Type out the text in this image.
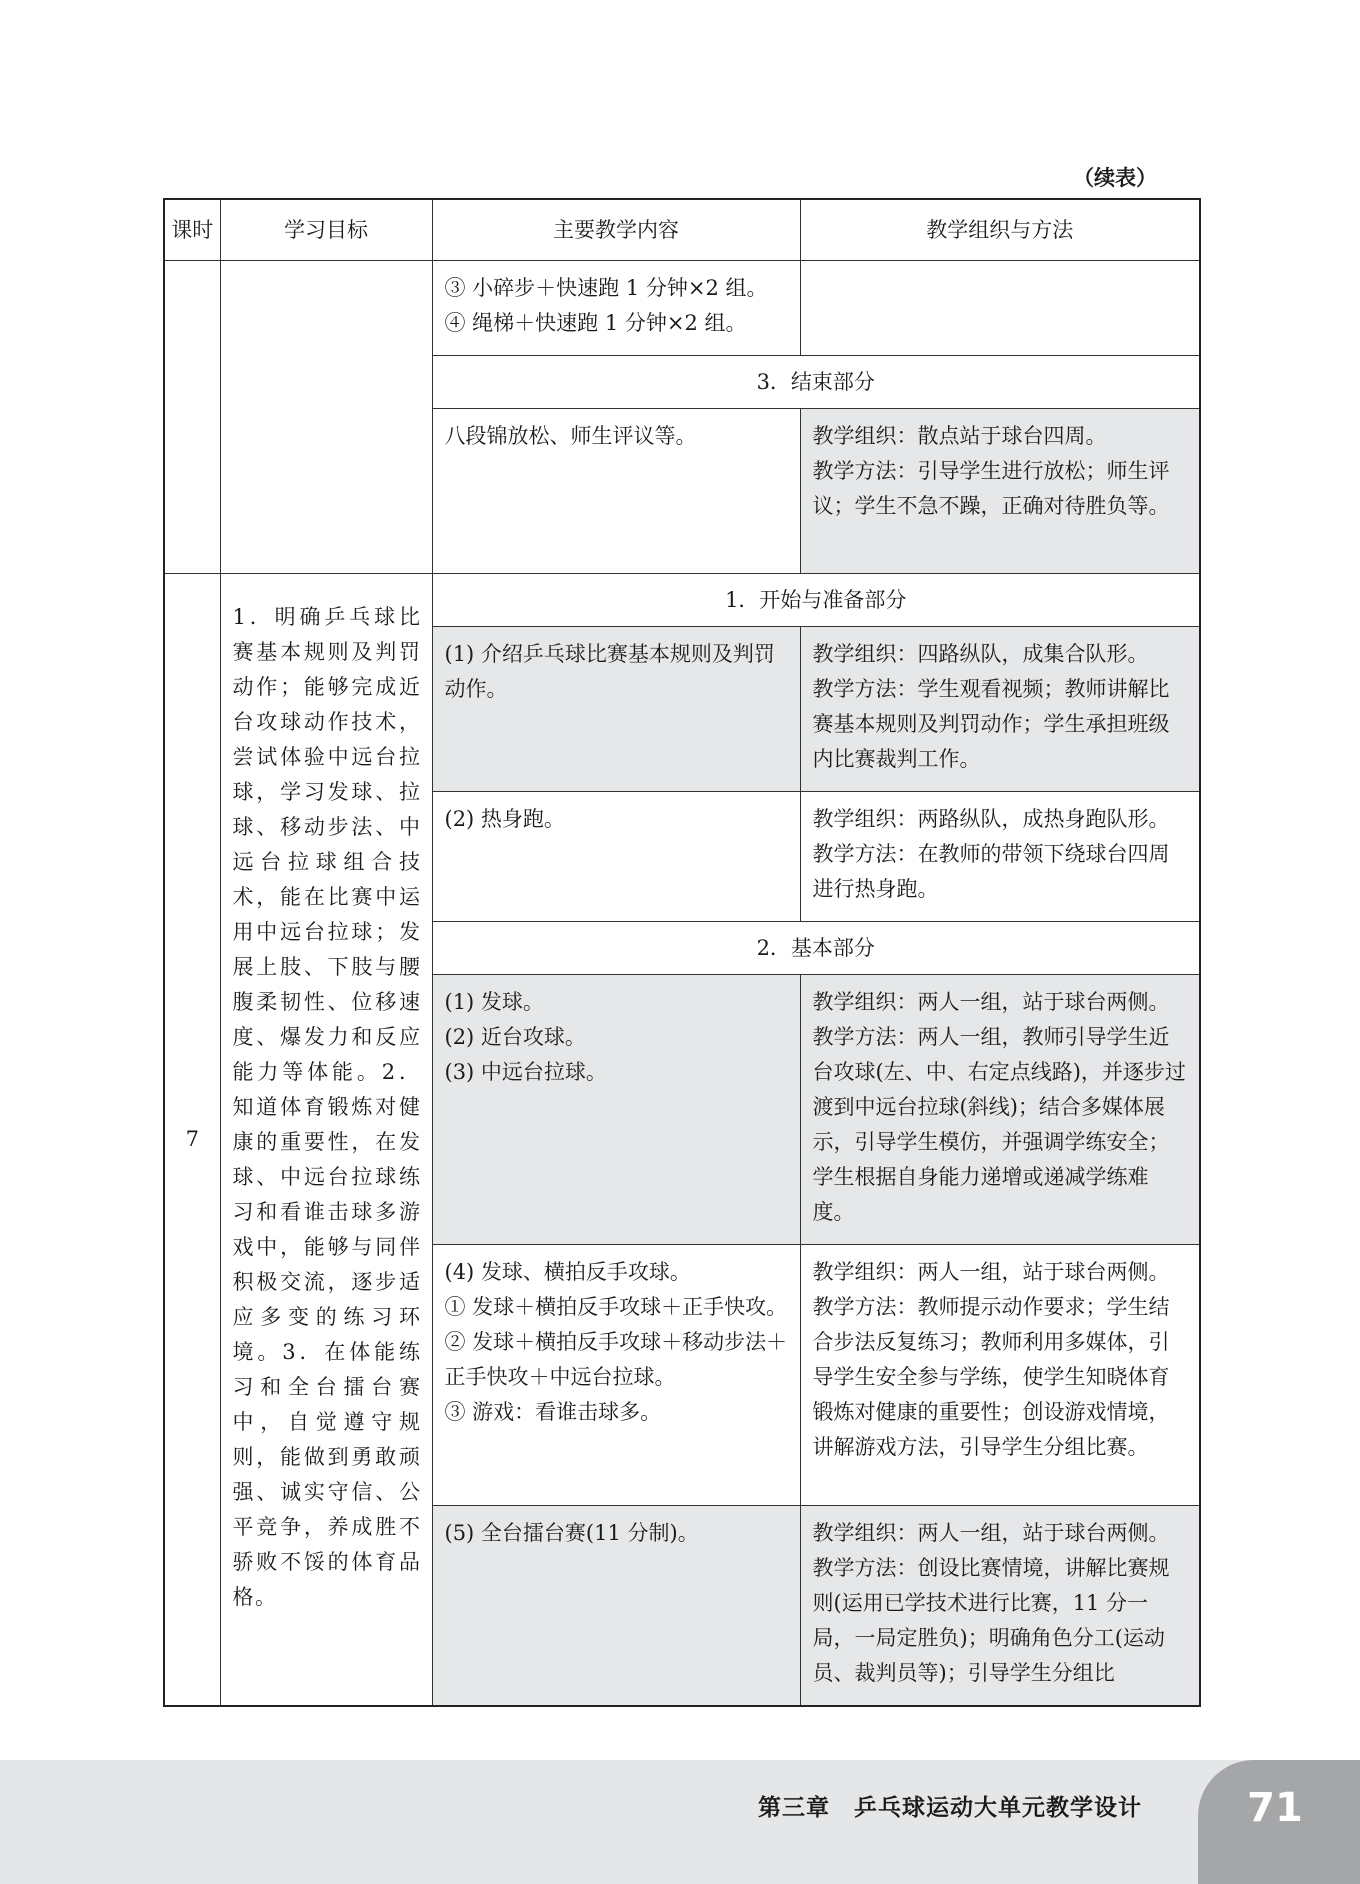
（续表）
课时	学习目标	主要教学内容	教学组织与方法

		③ 小碎步＋快速跑 1 分钟×2 组。
④ 绳梯＋快速跑 1 分钟×2 组。	

		3．结束部分	
		八段锦放松、师生评议等。	教学组织：散点站于球台四周。
教学方法：引导学生进行放松；师生评议；学生不急不躁，正确对待胜负等。

7	1．明确乒乓球比赛基本规则及判罚动作；能够完成近台攻球动作技术，尝试体验中远台拉球，学习发球、拉球、移动步法、中远台拉球组合技术，能在比赛中运用中远台拉球；发展上肢、下肢与腰腹柔韧性、位移速度、爆发力和反应能力等体能。2．知道体育锻炼对健康的重要性，在发球、中远台拉球练习和看谁击球多游戏中，能够与同伴积极交流，逐步适应多变的练习环境。3．在体能练习和全台擂台赛中，自觉遵守规则，能做到勇敢顽强、诚实守信、公平竞争，养成胜不骄败不馁的体育品格。	1．开始与准备部分	
		(1) 介绍乒乓球比赛基本规则及判罚动作。	教学组织：四路纵队，成集合队形。
教学方法：学生观看视频；教师讲解比赛基本规则及判罚动作；学生承担班级内比赛裁判工作。

		(2) 热身跑。	教学组织：两路纵队，成热身跑队形。
教学方法：在教师的带领下绕球台四周进行热身跑。

		2．基本部分	

		(1) 发球。
(2) 近台攻球。
(3) 中远台拉球。	教学组织：两人一组，站于球台两侧。
教学方法：两人一组，教师引导学生近台攻球(左、中、右定点线路)，并逐步过渡到中远台拉球(斜线)；结合多媒体展示，引导学生模仿，并强调学练安全；学生根据自身能力递增或递减学练难度。

		(4) 发球、横拍反手攻球。
① 发球＋横拍反手攻球＋正手快攻。
② 发球＋横拍反手攻球＋移动步法＋正手快攻＋中远台拉球。
③ 游戏：看谁击球多。	教学组织：两人一组，站于球台两侧。
教学方法：教师提示动作要求；学生结合步法反复练习；教师利用多媒体，引导学生安全参与学练，使学生知晓体育锻炼对健康的重要性；创设游戏情境，讲解游戏方法，引导学生分组比赛。

		(5) 全台擂台赛(11 分制)。	教学组织：两人一组，站于球台两侧。
教学方法：创设比赛情境，讲解比赛规则(运用已学技术进行比赛，11 分一局，一局定胜负)；明确角色分工(运动员、裁判员等)；引导学生分组比
第三章　乒乓球运动大单元教学设计	71
